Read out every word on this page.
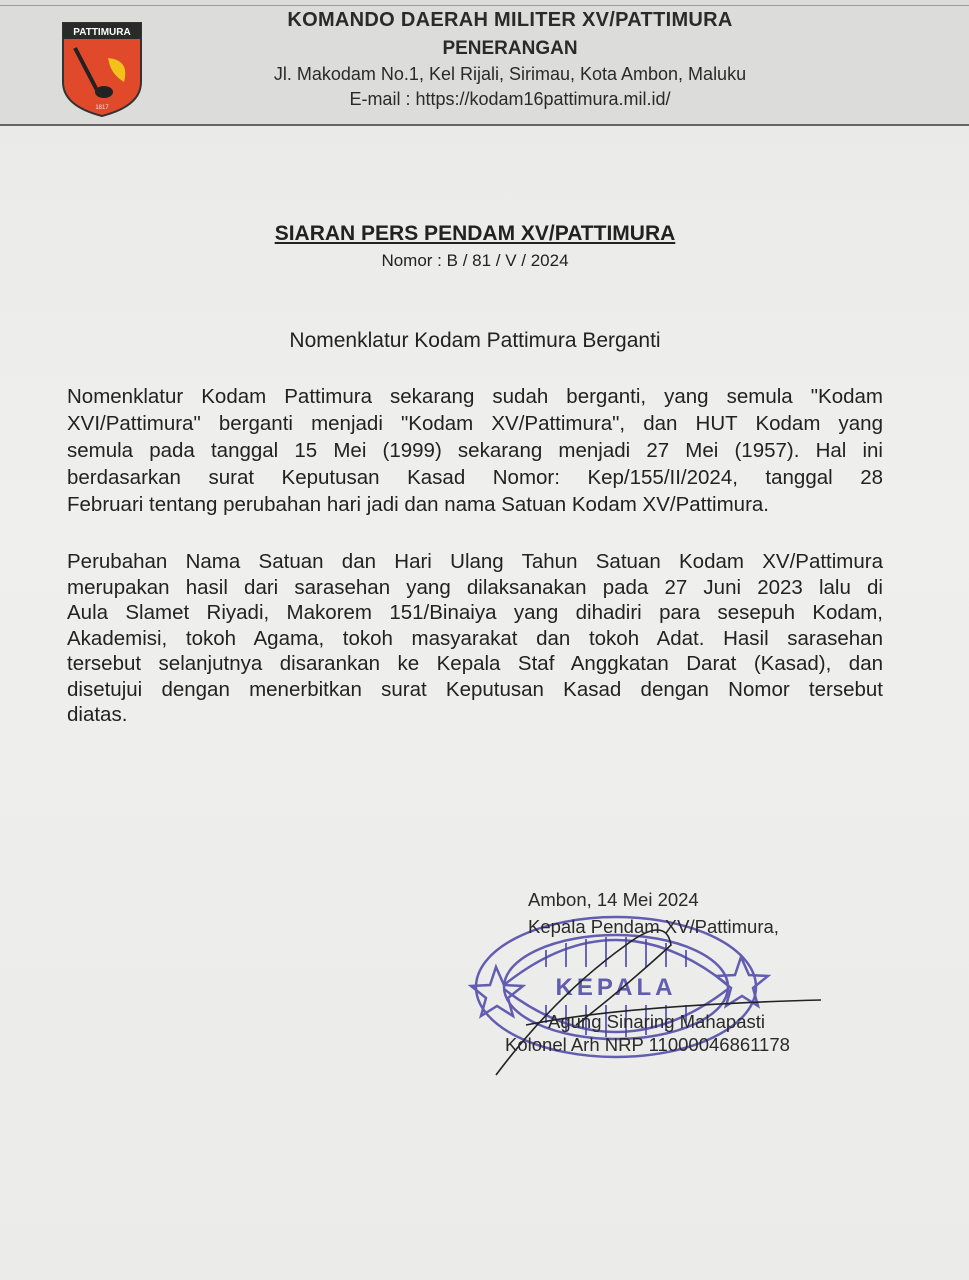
PATTIMURA
1817
KOMANDO DAERAH MILITER XV/PATTIMURA
PENERANGAN
Jl. Makodam No.1, Kel Rijali, Sirimau, Kota Ambon, Maluku
E-mail : https://kodam16pattimura.mil.id/
SIARAN PERS PENDAM XV/PATTIMURA
Nomor : B / 81 / V / 2024
Nomenklatur Kodam Pattimura Berganti
Nomenklatur Kodam Pattimura sekarang sudah berganti, yang semula "Kodam
XVI/Pattimura" berganti menjadi "Kodam XV/Pattimura", dan HUT Kodam yang
semula pada tanggal 15 Mei (1999) sekarang menjadi 27 Mei (1957). Hal ini
berdasarkan surat Keputusan Kasad Nomor: Kep/155/II/2024, tanggal 28
Februari tentang perubahan hari jadi dan nama Satuan Kodam XV/Pattimura.
Perubahan Nama Satuan dan Hari Ulang Tahun Satuan Kodam XV/Pattimura
merupakan hasil dari sarasehan yang dilaksanakan pada 27 Juni 2023 lalu di
Aula Slamet Riyadi, Makorem 151/Binaiya yang dihadiri para sesepuh Kodam,
Akademisi, tokoh Agama, tokoh masyarakat dan tokoh Adat. Hasil sarasehan
tersebut selanjutnya disarankan ke Kepala Staf Anggkatan Darat (Kasad), dan
disetujui dengan menerbitkan surat Keputusan Kasad dengan Nomor tersebut
diatas.
KEPALA
Ambon, 14 Mei 2024
Kepala Pendam XV/Pattimura,
Agung Sinaring Mahapasti
Kolonel Arh NRP 11000046861178
